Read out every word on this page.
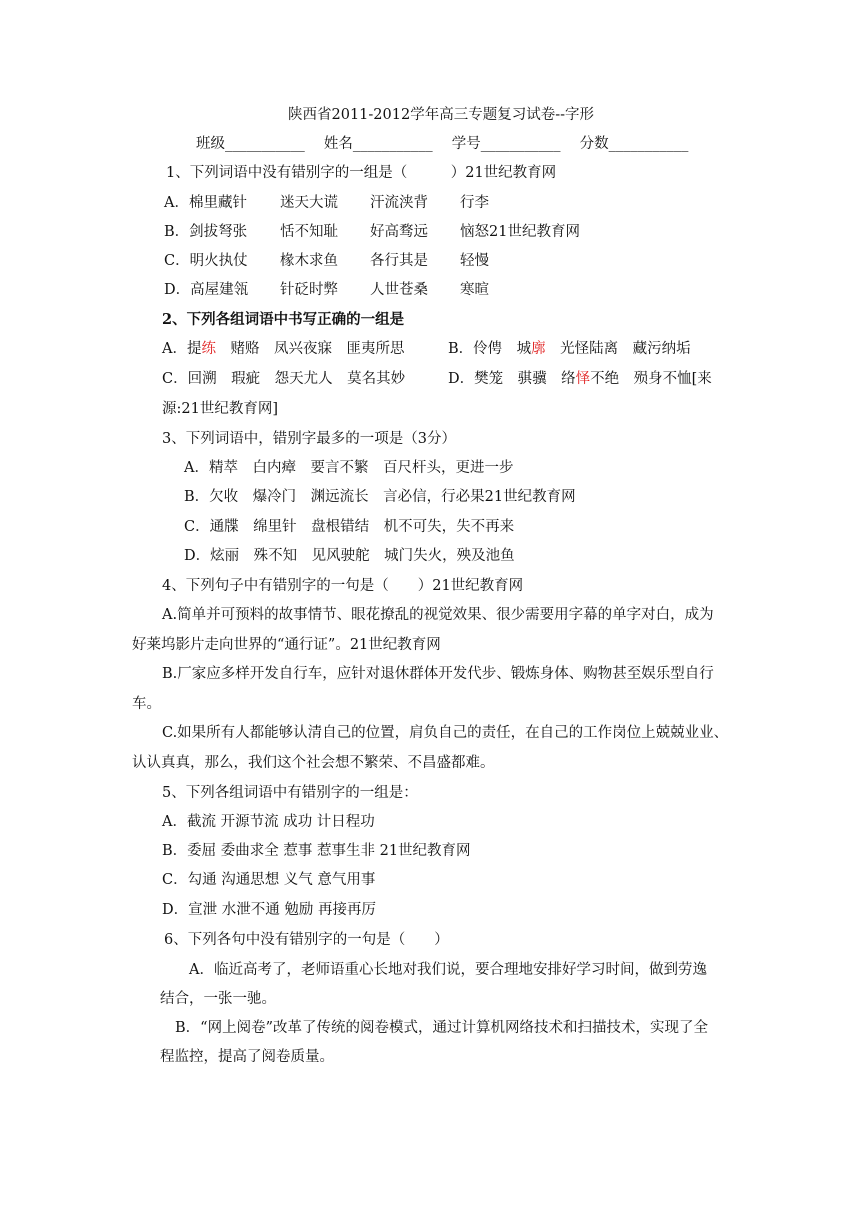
陕西省2011-2012学年高三专题复习试卷--字形
班级___________　 姓名___________　 学号___________　 分数___________
1、下列词语中没有错别字的一组是（　　　）21世纪教育网
A．棉里藏针 迷天大谎 汗流浃背 行李
B．剑拔弩张 恬不知耻 好高骛远 恼怒21世纪教育网
C．明火执仗 椽木求鱼 各行其是 轻慢
D．高屋建瓴 针砭时弊 人世苍桑 寒暄
2、下列各组词语中书写正确的一组是
A．提练　赌赂　凤兴夜寐　匪夷所思	B．伶俜　城廓　光怪陆离　藏污纳垢
C．回溯　瑕疵　怨天尤人　莫名其妙	D．樊笼　骐骥　络怿不绝　殒身不恤[来
源:21世纪教育网]
3、下列词语中，错别字最多的一项是（3分）
A．精萃　白内瘴　要言不繁　百尺杆头，更进一步
B．欠收　爆冷门　渊远流长　言必信，行必果21世纪教育网
C．通牒　绵里针　盘根错结　机不可失，失不再来
D．炫丽　殊不知　见风驶舵　城门失火，殃及池鱼
4、下列句子中有错别字的一句是（　　）21世纪教育网
A.简单并可预料的故事情节、眼花撩乱的视觉效果、很少需要用字幕的单字对白，成为
好莱坞影片走向世界的“通行证”。21世纪教育网
B.厂家应多样开发自行车，应针对退休群体开发代步、锻炼身体、购物甚至娱乐型自行
车。
C.如果所有人都能够认清自己的位置，肩负自己的责任，在自己的工作岗位上兢兢业业、
认认真真，那么，我们这个社会想不繁荣、不昌盛都难。
5、下列各组词语中有错别字的一组是：
A．截流 开源节流 成功 计日程功
B．委屈 委曲求全 惹事 惹事生非 21世纪教育网
C．勾通 沟通思想 义气 意气用事
D．宣泄 水泄不通 勉励 再接再厉
6、下列各句中没有错别字的一句是（　　）
A．临近高考了，老师语重心长地对我们说，要合理地安排好学习时间，做到劳逸
结合，一张一驰。
B．“网上阅卷”改革了传统的阅卷模式，通过计算机网络技术和扫描技术，实现了全
程监控，提高了阅卷质量。
